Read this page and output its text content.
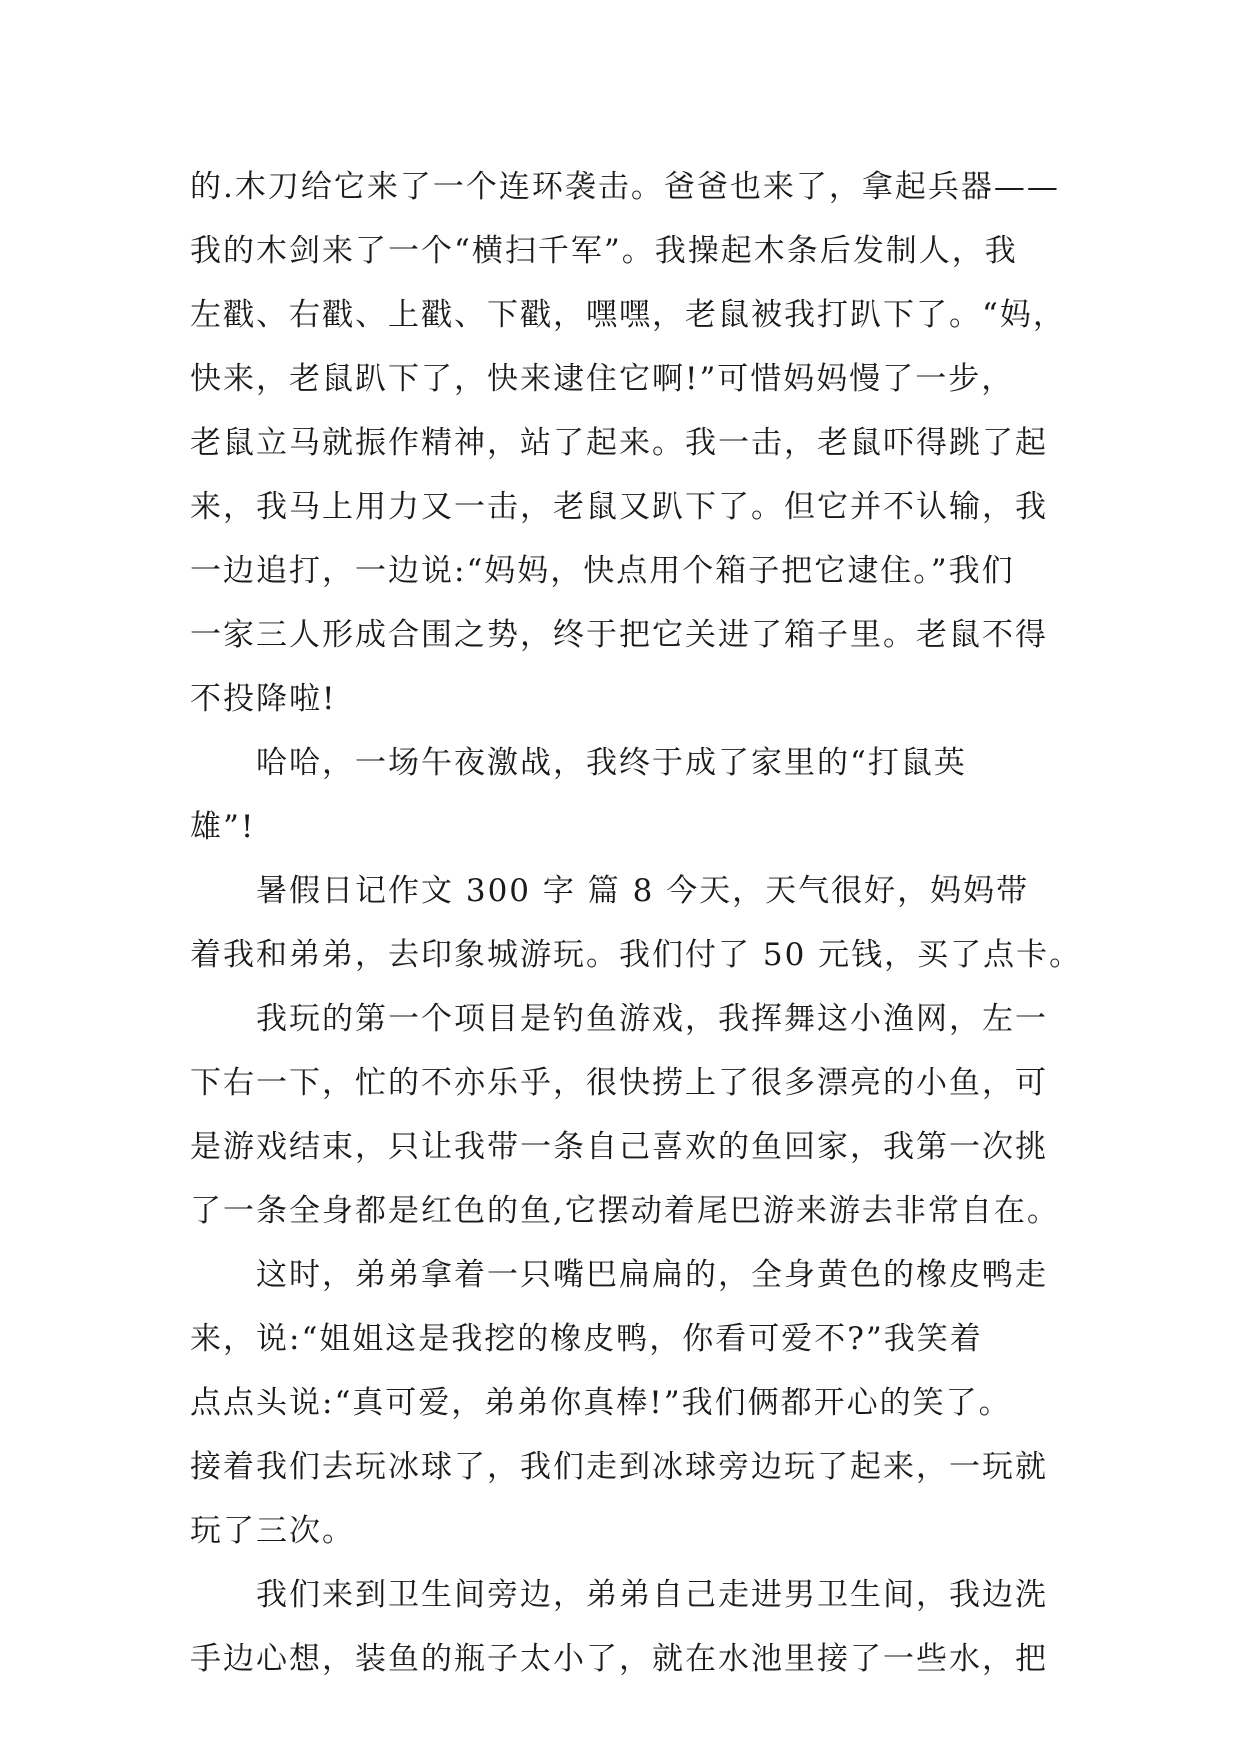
的.木刀给它来了一个连环袭击。爸爸也来了，拿起兵器——
我的木剑来了一个“横扫千军”。我操起木条后发制人，我
左戳、右戳、上戳、下戳，嘿嘿，老鼠被我打趴下了。“妈，
快来，老鼠趴下了，快来逮住它啊!”可惜妈妈慢了一步，
老鼠立马就振作精神，站了起来。我一击，老鼠吓得跳了起
来，我马上用力又一击，老鼠又趴下了。但它并不认输，我
一边追打，一边说:“妈妈，快点用个箱子把它逮住。”我们
一家三人形成合围之势，终于把它关进了箱子里。老鼠不得
不投降啦!
哈哈，一场午夜激战，我终于成了家里的“打鼠英
雄”!
暑假日记作文 300 字 篇 8 今天，天气很好，妈妈带
着我和弟弟，去印象城游玩。我们付了 50 元钱，买了点卡。
我玩的第一个项目是钓鱼游戏，我挥舞这小渔网，左一
下右一下，忙的不亦乐乎，很快捞上了很多漂亮的小鱼，可
是游戏结束，只让我带一条自己喜欢的鱼回家，我第一次挑
了一条全身都是红色的鱼,它摆动着尾巴游来游去非常自在。
这时，弟弟拿着一只嘴巴扁扁的，全身黄色的橡皮鸭走
来，说:“姐姐这是我挖的橡皮鸭，你看可爱不?”我笑着
点点头说:“真可爱，弟弟你真棒!”我们俩都开心的笑了。
接着我们去玩冰球了，我们走到冰球旁边玩了起来，一玩就
玩了三次。
我们来到卫生间旁边，弟弟自己走进男卫生间，我边洗
手边心想，装鱼的瓶子太小了，就在水池里接了一些水，把
